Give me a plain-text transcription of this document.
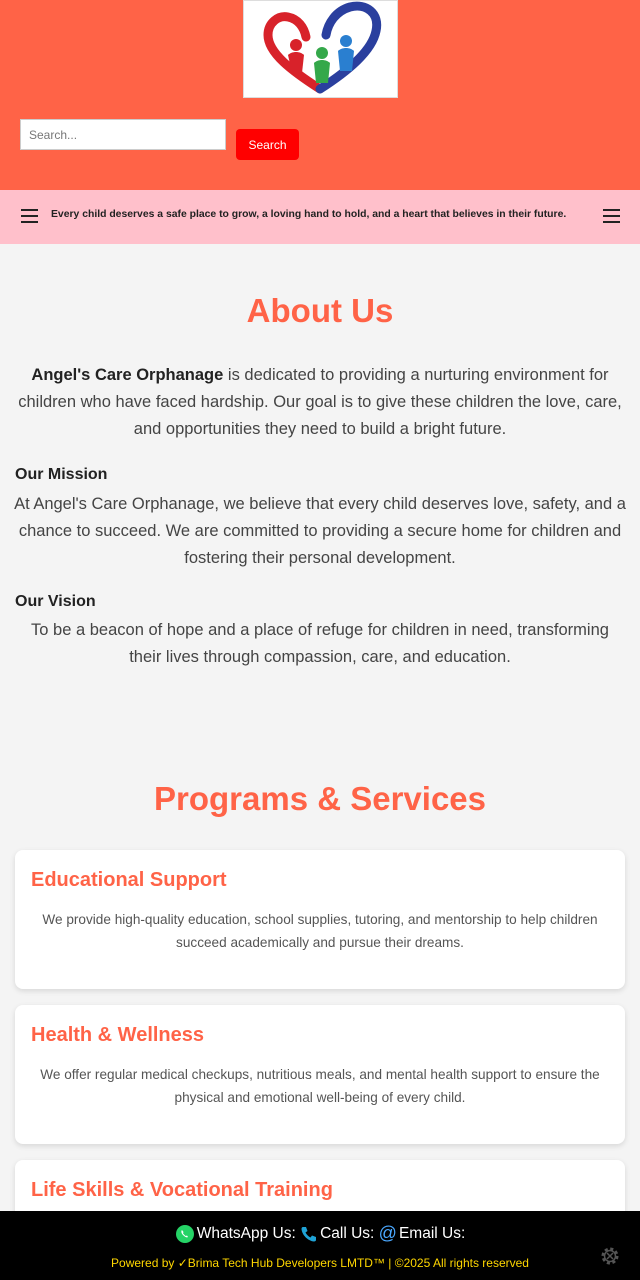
Search...
Search
Every child deserves a safe place to grow, a loving hand to hold, and a heart that believes in their future.
About Us

Angel's Care Orphanage is dedicated to providing a nurturing environment for children who have faced hardship. Our goal is to give these children the love, care, and opportunities they need to build a bright future.

Our Mission

At Angel's Care Orphanage, we believe that every child deserves love, safety, and a chance to succeed. We are committed to providing a secure home for children and fostering their personal development.

Our Vision

To be a beacon of hope and a place of refuge for children in need, transforming their lives through compassion, care, and education.

Programs & Services
Educational Support

We provide high-quality education, school supplies, tutoring, and mentorship to help children succeed academically and pursue their dreams.

Health & Wellness

We offer regular medical checkups, nutritious meals, and mental health support to ensure the physical and emotional well-being of every child.

Life Skills & Vocational Training

WhatsApp Us: Call Us: @ Email Us:
Powered by ✓Brima Tech Hub Developers LMTD™ | ©2025 All rights reserved
